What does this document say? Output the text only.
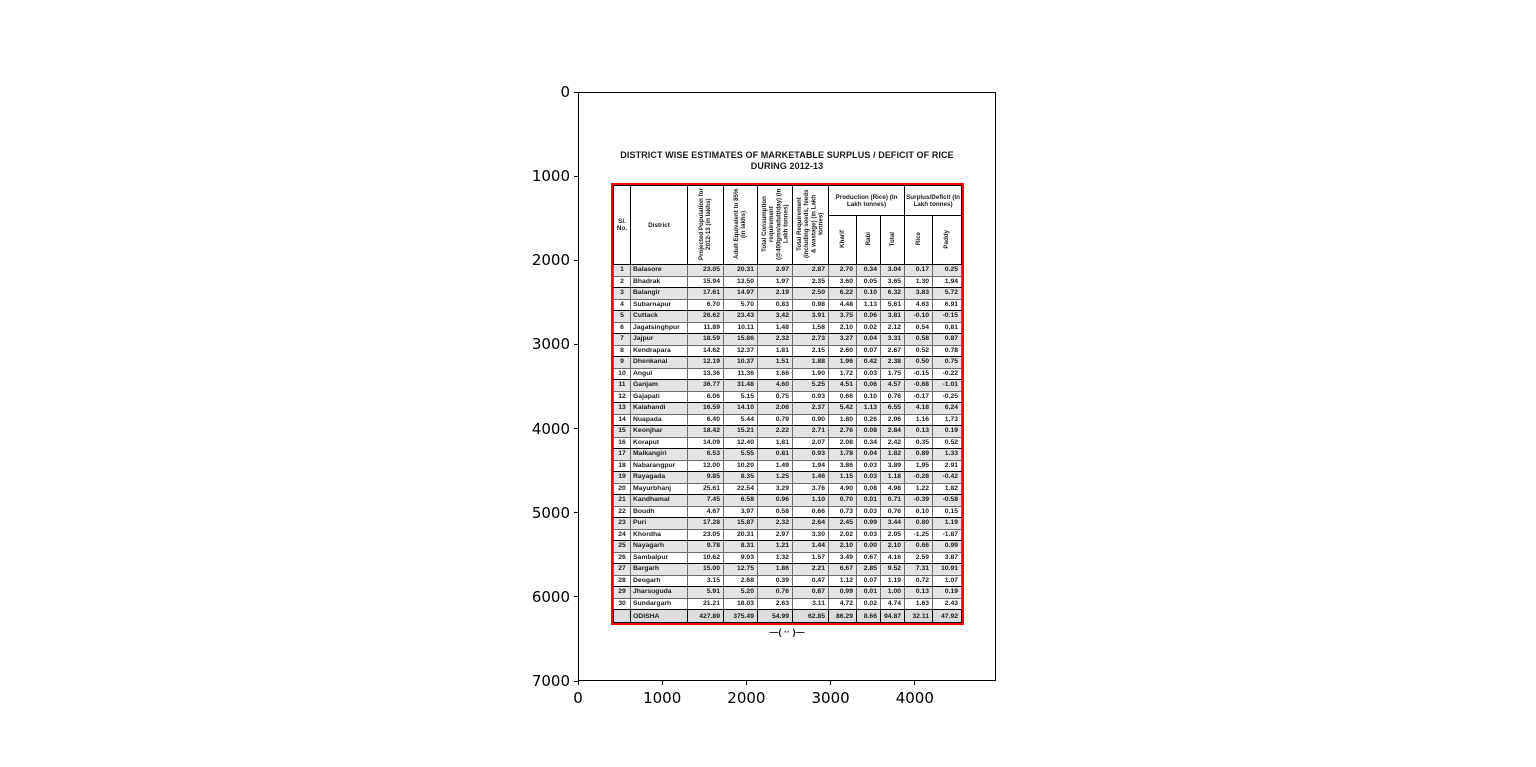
DISTRICT WISE ESTIMATES OF MARKETABLE SURPLUS / DEFICIT OF RICE
DURING 2012-13
Sl. No.	District	Projected Population for 2012-13 (in lakhs)	Adult Equivalent to 85% (in lakhs)	Total Consumption requirement (@400gms/adult/day) (in Lakh tonnes)	Total Requirement (including seeds, feeds & wastage) (in Lakh tonnes)	Production (Rice) (In Lakh tonnes)			Surplus/Deficit (In Lakh tonnes)	
						Kharif	Rabi	Total	Rice	Paddy
1	Balasore	23.05	20.31	2.97	2.87	2.70	0.34	3.04	0.17	0.25
2	Bhadrak	15.94	13.50	1.97	2.35	3.60	0.05	3.65	1.30	1.94
3	Balangir	17.61	14.97	2.19	2.50	6.22	0.10	6.32	3.83	5.72
4	Subarnapur	6.70	5.70	0.83	0.98	4.48	1.13	5.61	4.63	6.91
5	Cuttack	26.62	23.43	3.42	3.91	3.75	0.06	3.81	-0.10	-0.15
6	Jagatsinghpur	11.89	10.11	1.48	1.58	2.10	0.02	2.12	0.54	0.81
7	Jajpur	18.59	15.86	2.32	2.73	3.27	0.04	3.31	0.58	0.87
8	Kendrapara	14.62	12.37	1.81	2.15	2.60	0.07	2.67	0.52	0.78
9	Dhenkanal	12.19	10.37	1.51	1.88	1.96	0.42	2.38	0.50	0.75
10	Angul	13.36	11.36	1.66	1.90	1.72	0.03	1.75	-0.15	-0.22
11	Ganjam	36.77	31.48	4.60	5.25	4.51	0.06	4.57	-0.68	-1.01
12	Gajapati	6.06	5.15	0.75	0.93	0.66	0.10	0.76	-0.17	-0.25
13	Kalahandi	16.59	14.10	2.06	2.37	5.42	1.13	6.55	4.18	6.24
14	Nuapada	6.40	5.44	0.79	0.90	1.80	0.26	2.06	1.16	1.73
15	Keonjhar	18.42	15.21	2.22	2.71	2.76	0.08	2.84	0.13	0.19
16	Koraput	14.09	12.40	1.81	2.07	2.08	0.34	2.42	0.35	0.52
17	Malkangiri	6.53	5.55	0.81	0.93	1.78	0.04	1.82	0.89	1.33
18	Nabarangpur	12.00	10.20	1.49	1.94	3.86	0.03	3.89	1.95	2.91
19	Rayagada	9.85	8.35	1.25	1.46	1.15	0.03	1.18	-0.28	-0.42
20	Mayurbhanj	25.61	22.54	3.29	3.76	4.90	0.08	4.98	1.22	1.82
21	Kandhamal	7.45	6.58	0.96	1.10	0.70	0.01	0.71	-0.39	-0.58
22	Boudh	4.67	3.97	0.58	0.66	0.73	0.03	0.76	0.10	0.15
23	Puri	17.28	15.87	2.32	2.64	2.45	0.99	3.44	0.80	1.19
24	Khordha	23.05	20.31	2.97	3.30	2.02	0.03	2.05	-1.25	-1.87
25	Nayagarh	9.78	8.31	1.21	1.44	2.10	0.00	2.10	0.66	0.99
26	Sambalpur	10.62	9.03	1.32	1.57	3.49	0.67	4.16	2.59	3.87
27	Bargarh	15.00	12.75	1.86	2.21	6.67	2.85	9.52	7.31	10.91
28	Deogarh	3.15	2.68	0.39	0.47	1.12	0.07	1.19	0.72	1.07
29	Jharsuguda	5.91	5.20	0.76	0.87	0.99	0.01	1.00	0.13	0.19
30	Sundargarh	21.21	18.03	2.63	3.11	4.72	0.02	4.74	1.63	2.43
	ODISHA	427.89	375.49	54.99	62.85	86.29	8.66	94.87	32.11	47.92
—( ·· )—
0
1000
2000
3000
4000
5000
6000
7000
0	1000	2000	3000	4000
